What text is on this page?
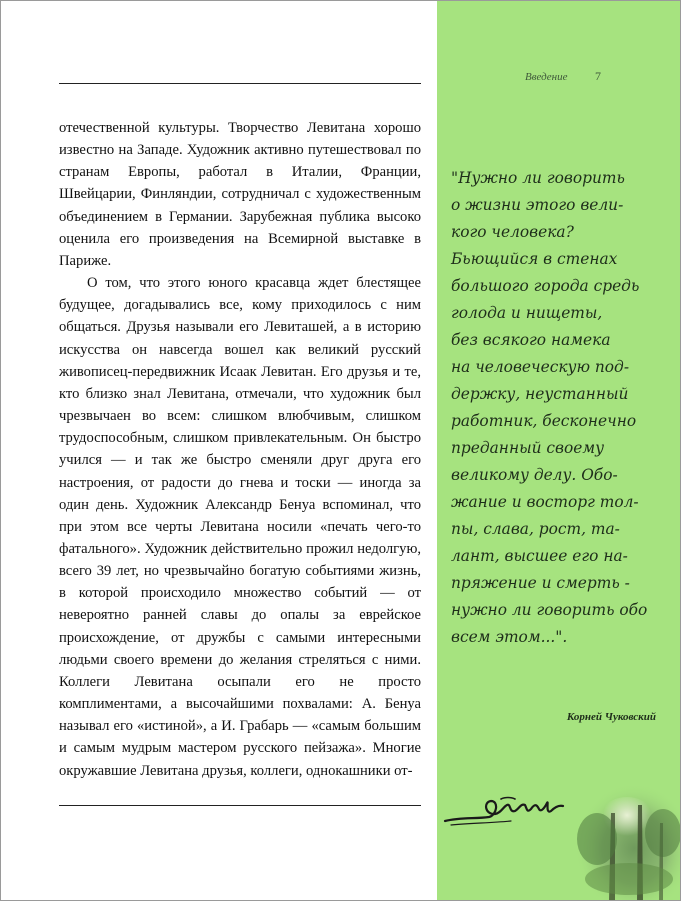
отечественной культуры. Творчество Левитана хорошо известно на Западе. Художник активно путешествовал по странам Европы, работал в Италии, Франции, Швейцарии, Финляндии, сотрудничал с художественным объединением в Германии. Зарубежная публика высоко оценила его произведения на Всемирной выставке в Париже.

О том, что этого юного красавца ждет блестящее будущее, догадывались все, кому приходилось с ним общаться. Друзья называли его Левиташей, а в историю искусства он навсегда вошел как великий русский живописец-передвижник Исаак Левитан. Его друзья и те, кто близко знал Левитана, отмечали, что художник был чрезвычаен во всем: слишком влюбчивым, слишком трудоспособным, слишком привлекательным. Он быстро учился — и так же быстро сменяли друг друга его настроения, от радости до гнева и тоски — иногда за один день. Художник Александр Бенуа вспоминал, что при этом все черты Левитана носили «печать чего-то фатального». Художник действительно прожил недолгую, всего 39 лет, но чрезвычайно богатую событиями жизнь, в которой происходило множество событий — от невероятно ранней славы до опалы за еврейское происхождение, от дружбы с самыми интересными людьми своего времени до желания стреляться с ними. Коллеги Левитана осыпали его не просто комплиментами, а высочайшими похвалами: А. Бенуа называл его «истиной», а И. Грабарь — «самым большим и самым мудрым мастером русского пейзажа». Многие окружавшие Левитана друзья, коллеги, однокашники от-

Введение 7

"Нужно ли говорить
о жизни этого вели-
кого человека?
Бьющийся в стенах
большого города средь
голода и нищеты,
без всякого намека
на человеческую под-
держку, неустанный
работник, бесконечно
преданный своему
великому делу. Обо-
жание и восторг тол-
пы, слава, рост, та-
лант, высшее его на-
пряжение и смерть -
нужно ли говорить обо
всем этом...".

Корней Чуковский
